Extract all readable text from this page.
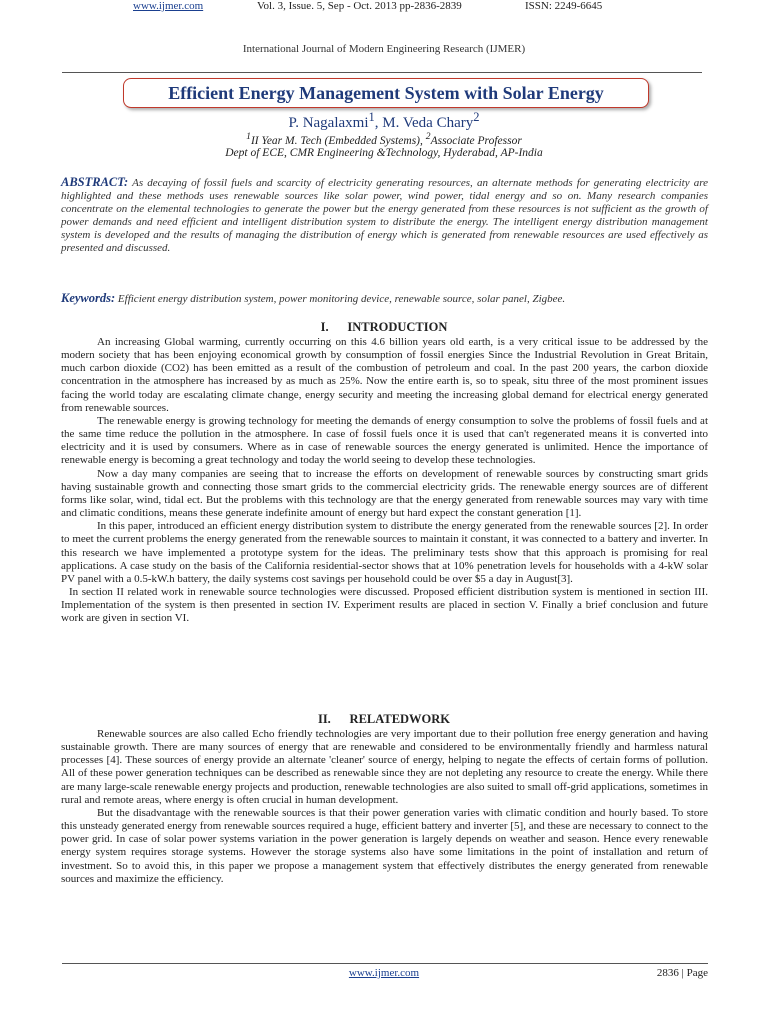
International Journal of Modern Engineering Research (IJMER)
www.ijmer.com	Vol. 3, Issue. 5, Sep - Oct. 2013 pp-2836-2839	ISSN: 2249-6645
Efficient Energy Management System with Solar Energy
P. Nagalaxmi$^1$, M. Veda Chary$^2$
$^1$II Year M. Tech (Embedded Systems), $^2$Associate Professor
Dept of ECE, CMR Engineering &Technology, Hyderabad, AP-India
ABSTRACT: As decaying of fossil fuels and scarcity of electricity generating resources, an alternate methods for generating electricity are highlighted and these methods uses renewable sources like solar power, wind power, tidal energy and so on. Many research companies concentrate on the elemental technologies to generate the power but the energy generated from these resources is not sufficient as the growth of power demands and need efficient and intelligent distribution system to distribute the energy. The intelligent energy distribution management system is developed and the results of managing the distribution of energy which is generated from renewable resources are used effectively as presented and discussed.
Keywords: Efficient energy distribution system, power monitoring device, renewable source, solar panel, Zigbee.
I.      INTRODUCTION

An increasing Global warming, currently occurring on this 4.6 billion years old earth, is a very critical issue to be addressed by the modern society that has been enjoying economical growth by consumption of fossil energies Since the Industrial Revolution in Great Britain, much carbon dioxide (CO2) has been emitted as a result of the combustion of petroleum and coal. In the past 200 years, the carbon dioxide concentration in the atmosphere has increased by as much as 25%. Now the entire earth is, so to speak, situ three of the most prominent issues facing the world today are escalating climate change, energy security and meeting the increasing global demand for electrical energy generated from renewable sources.

The renewable energy is growing technology for meeting the demands of energy consumption to solve the problems of fossil fuels and at the same time reduce the pollution in the atmosphere. In case of fossil fuels once it is used that can't regenerated means it is converted into electricity and it is used by consumers. Where as in case of renewable sources the energy generated is unlimited. Hence the importance of renewable energy is becoming a great technology and today the world seeing to develop these technologies.

Now a day many companies are seeing that to increase the efforts on development of renewable sources by constructing smart grids having sustainable growth and connecting those smart grids to the commercial electricity grids. The renewable energy sources are of different forms like solar, wind, tidal ect. But the problems with this technology are that the energy generated from renewable sources may vary with time and climatic conditions, means these generate indefinite amount of energy but hard expect the constant generation [1].

In this paper, introduced an efficient energy distribution system to distribute the energy generated from the renewable sources [2]. In order to meet the current problems the energy generated from the renewable sources to maintain it constant, it was connected to a battery and inverter. In this research we have implemented a prototype system for the ideas. The preliminary tests show that this approach is promising for real applications. A case study on the basis of the California residential-sector shows that at 10% penetration levels for households with a 4-kW solar PV panel with a 0.5-kW.h battery, the daily systems cost savings per household could be over $5 a day in August[3].

In section II related work in renewable source technologies were discussed. Proposed efficient distribution system is mentioned in section III. Implementation of the system is then presented in section IV. Experiment results are placed in section V. Finally a brief conclusion and future work are given in section VI.

II.      RELATEDWORK

Renewable sources are also called Echo friendly technologies are very important due to their pollution free energy generation and having sustainable growth. There are many sources of energy that are renewable and considered to be environmentally friendly and harmless natural processes [4]. These sources of energy provide an alternate 'cleaner' source of energy, helping to negate the effects of certain forms of pollution. All of these power generation techniques can be described as renewable since they are not depleting any resource to create the energy. While there are many large-scale renewable energy projects and production, renewable technologies are also suited to small off-grid applications, sometimes in rural and remote areas, where energy is often crucial in human development.

But the disadvantage with the renewable sources is that their power generation varies with climatic condition and hourly based. To store this unsteady generated energy from renewable sources required a huge, efficient battery and inverter [5], and these are necessary to connect to the power grid. In case of solar power systems variation in the power generation is largely depends on weather and season. Hence every renewable energy system requires storage systems. However the storage systems also have some limitations in the point of installation and return of investment. So to avoid this, in this paper we propose a management system that effectively distributes the energy generated from renewable sources and maximize the efficiency.

www.ijmer.com	2836 | Page
